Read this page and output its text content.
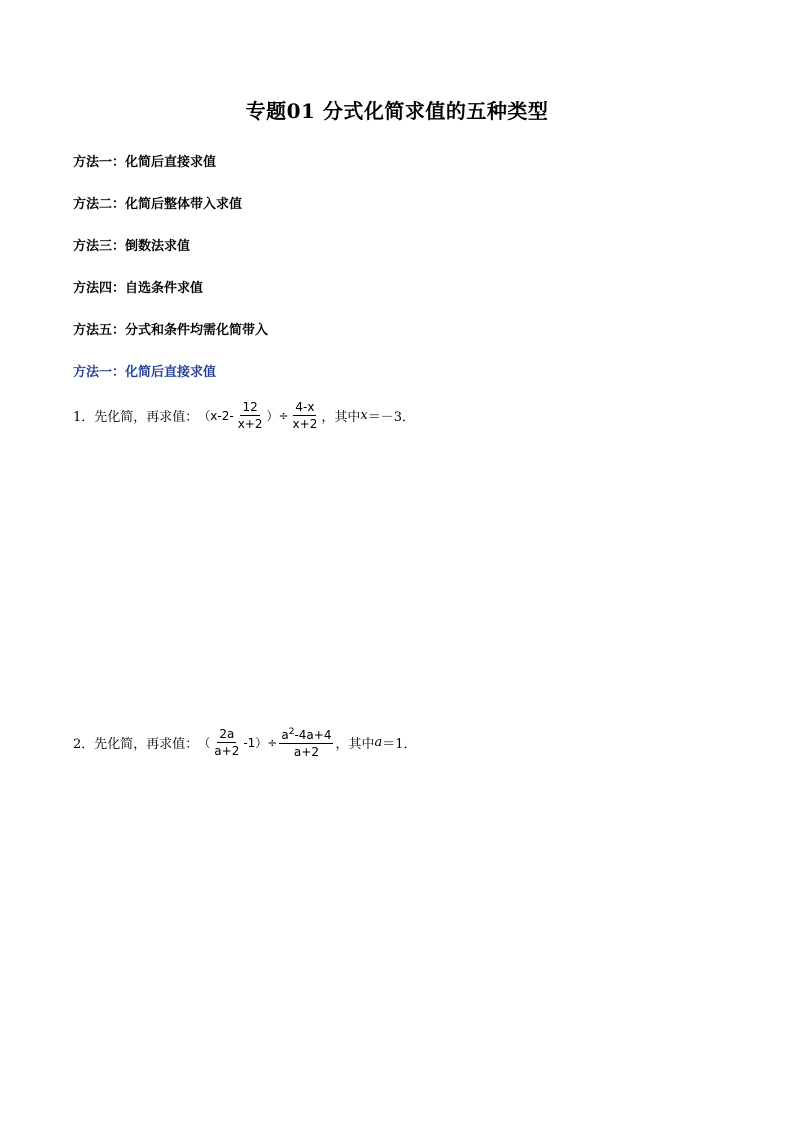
专题01 分式化简求值的五种类型
方法一：化简后直接求值
方法二：化简后整体带入求值
方法三：倒数法求值
方法四：自选条件求值
方法五：分式和条件均需化简带入
方法一：化简后直接求值
1．先化简，再求值： （$x-2- \frac{12}{x+2}$ ）÷ $\frac{4-x}{x+2}$ ，其中 x ＝－3．
2．先化简，再求值： （ $\frac{2a}{a+2} -1)\div \frac{a^2-4a+4}{a+2}$ ，其中 a ＝1．
